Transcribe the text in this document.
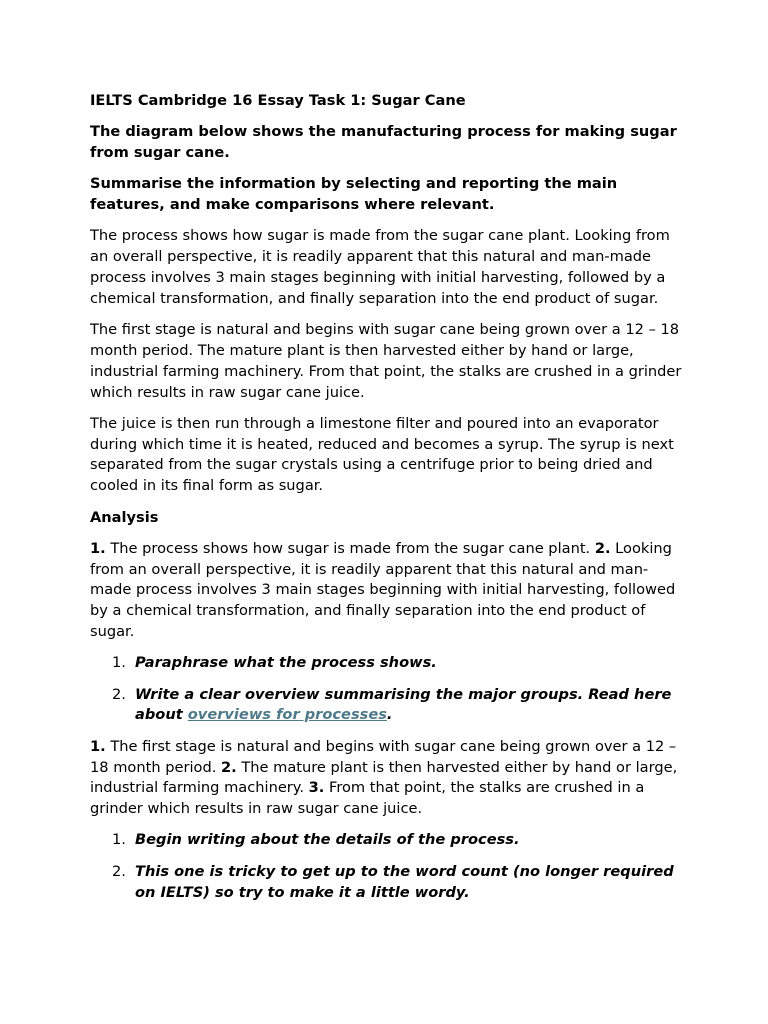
IELTS Cambridge 16 Essay Task 1: Sugar Cane

The diagram below shows the manufacturing process for making sugar from sugar cane.

Summarise the information by selecting and reporting the main features, and make comparisons where relevant.

The process shows how sugar is made from the sugar cane plant. Looking from an overall perspective, it is readily apparent that this natural and man-made process involves 3 main stages beginning with initial harvesting, followed by a chemical transformation, and finally separation into the end product of sugar.

The first stage is natural and begins with sugar cane being grown over a 12 – 18 month period. The mature plant is then harvested either by hand or large, industrial farming machinery. From that point, the stalks are crushed in a grinder which results in raw sugar cane juice.

The juice is then run through a limestone filter and poured into an evaporator during which time it is heated, reduced and becomes a syrup. The syrup is next separated from the sugar crystals using a centrifuge prior to being dried and cooled in its final form as sugar.

Analysis

1. The process shows how sugar is made from the sugar cane plant. 2. Looking from an overall perspective, it is readily apparent that this natural and man-made process involves 3 main stages beginning with initial harvesting, followed by a chemical transformation, and finally separation into the end product of sugar.

1. Paraphrase what the process shows.
2. Write a clear overview summarising the major groups. Read here about overviews for processes.

1. The first stage is natural and begins with sugar cane being grown over a 12 – 18 month period. 2. The mature plant is then harvested either by hand or large, industrial farming machinery. 3. From that point, the stalks are crushed in a grinder which results in raw sugar cane juice.

1. Begin writing about the details of the process.
2. This one is tricky to get up to the word count (no longer required on IELTS) so try to make it a little wordy.
